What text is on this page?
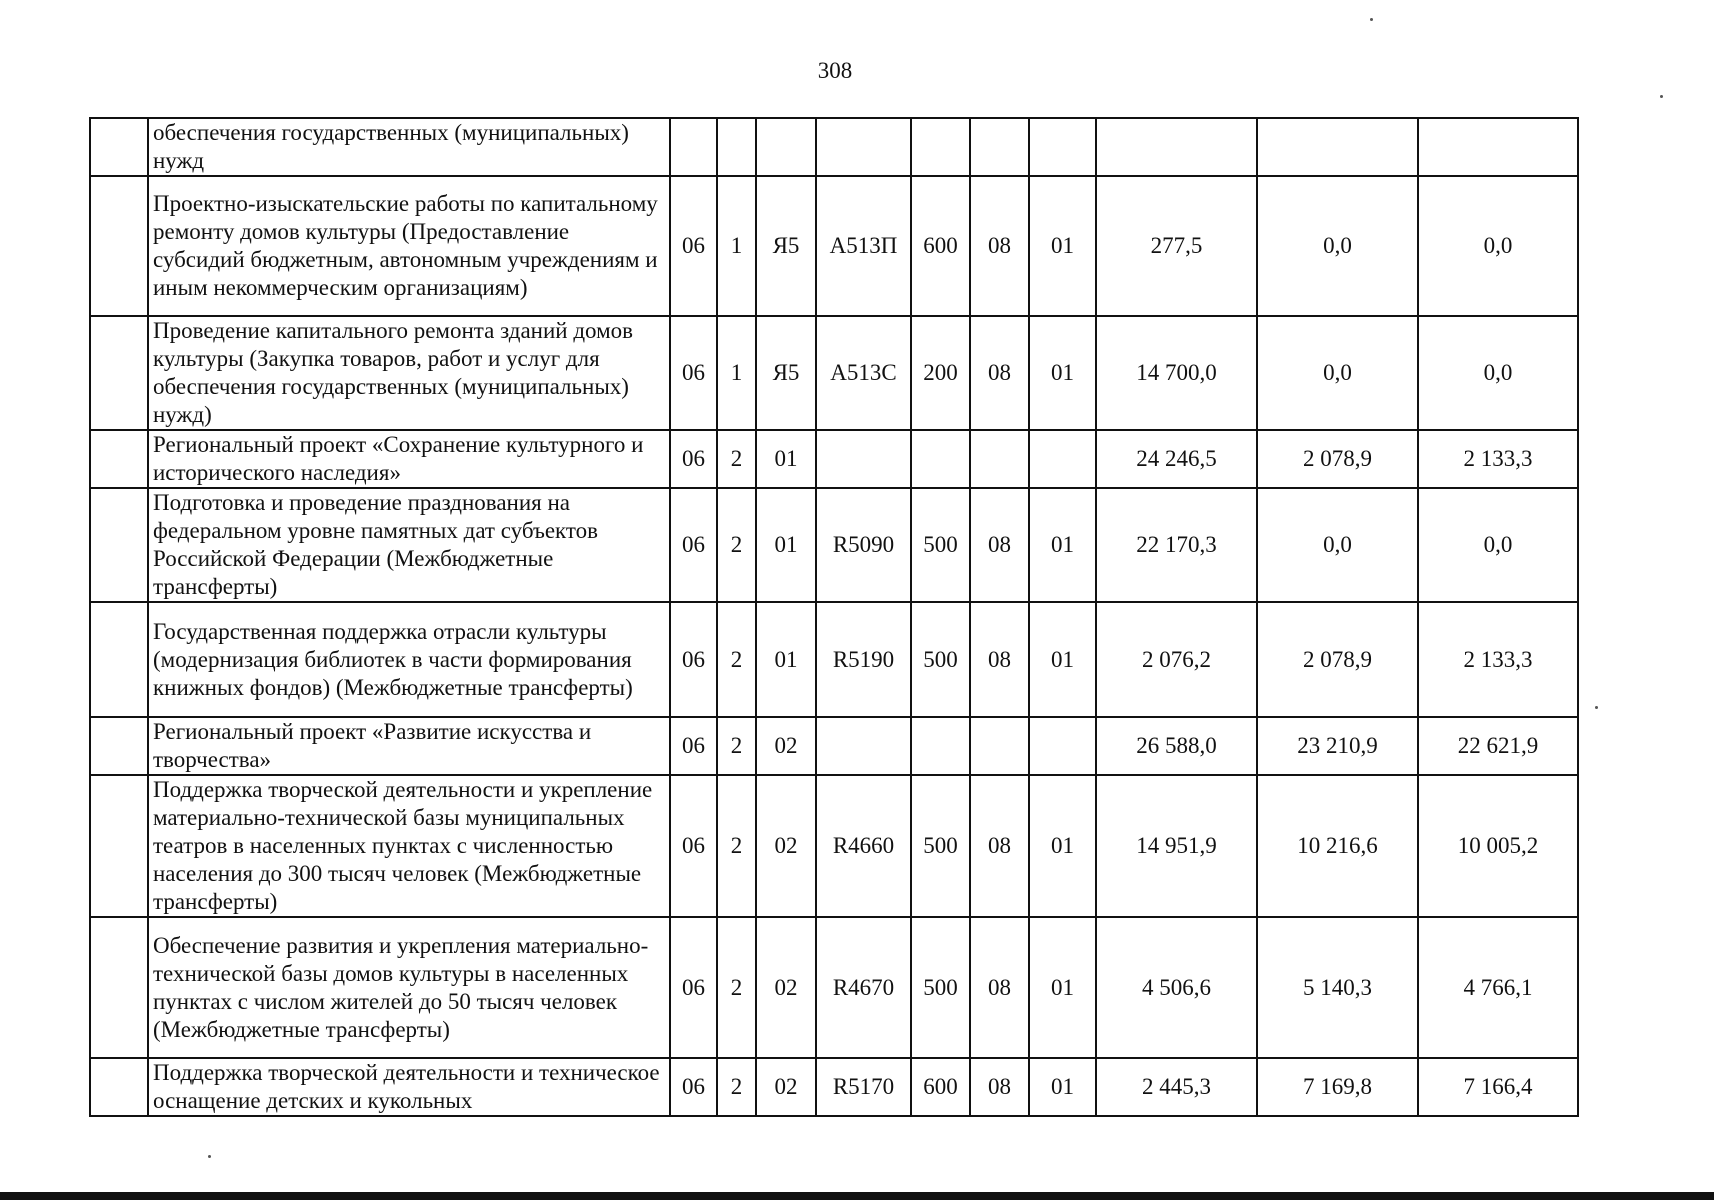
308
	обеспечения государственных (муниципальных) нужд										
	Проектно-изыскательские работы по капитальному ремонту домов культуры (Предоставление субсидий бюджетным, автономным учреждениям и иным некоммерческим организациям)	06	1	Я5	А513П	600	08	01	277,5	0,0	0,0
	Проведение капитального ремонта зданий домов культуры (Закупка товаров, работ и услуг для обеспечения государственных (муниципальных) нужд)	06	1	Я5	А513С	200	08	01	14 700,0	0,0	0,0
	Региональный проект «Сохранение культурного и исторического наследия»	06	2	01					24 246,5	2 078,9	2 133,3
	Подготовка и проведение празднования на федеральном уровне памятных дат субъектов Российской Федерации (Межбюджетные трансферты)	06	2	01	R5090	500	08	01	22 170,3	0,0	0,0
	Государственная поддержка отрасли культуры (модернизация библиотек в части формирования книжных фондов) (Межбюджетные трансферты)	06	2	01	R5190	500	08	01	2 076,2	2 078,9	2 133,3
	Региональный проект «Развитие искусства и творчества»	06	2	02					26 588,0	23 210,9	22 621,9
	Поддержка творческой деятельности и укрепление материально-технической базы муниципальных театров в населенных пунктах с численностью населения до 300 тысяч человек (Межбюджетные трансферты)	06	2	02	R4660	500	08	01	14 951,9	10 216,6	10 005,2
	Обеспечение развития и укрепления материально-технической базы домов культуры в населенных пунктах с числом жителей до 50 тысяч человек (Межбюджетные трансферты)	06	2	02	R4670	500	08	01	4 506,6	5 140,3	4 766,1
	Поддержка творческой деятельности и техническое оснащение детских и кукольных	06	2	02	R5170	600	08	01	2 445,3	7 169,8	7 166,4
